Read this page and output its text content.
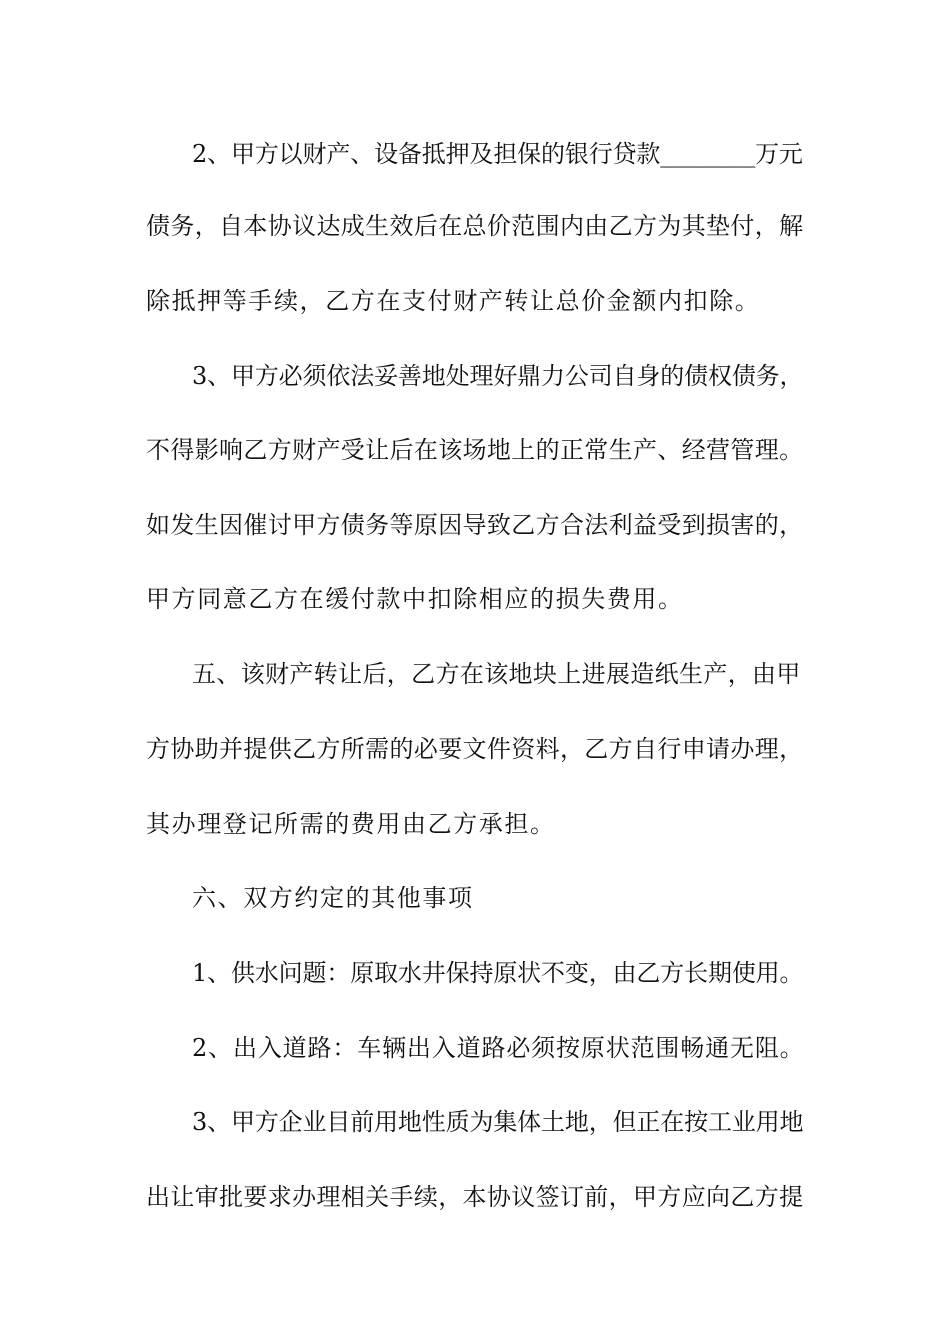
2、甲方以财产、设备抵押及担保的银行贷款________万元
债务，自本协议达成生效后在总价范围内由乙方为其垫付，解
除抵押等手续，乙方在支付财产转让总价金额内扣除。
3、甲方必须依法妥善地处理好鼎力公司自身的债权债务，
不得影响乙方财产受让后在该场地上的正常生产、经营管理。
如发生因催讨甲方债务等原因导致乙方合法利益受到损害的，
甲方同意乙方在缓付款中扣除相应的损失费用。
五、该财产转让后，乙方在该地块上进展造纸生产，由甲
方协助并提供乙方所需的必要文件资料，乙方自行申请办理，
其办理登记所需的费用由乙方承担。
六、双方约定的其他事项
1、供水问题：原取水井保持原状不变，由乙方长期使用。
2、出入道路：车辆出入道路必须按原状范围畅通无阻。
3、甲方企业目前用地性质为集体土地，但正在按工业用地
出让审批要求办理相关手续，本协议签订前，甲方应向乙方提
